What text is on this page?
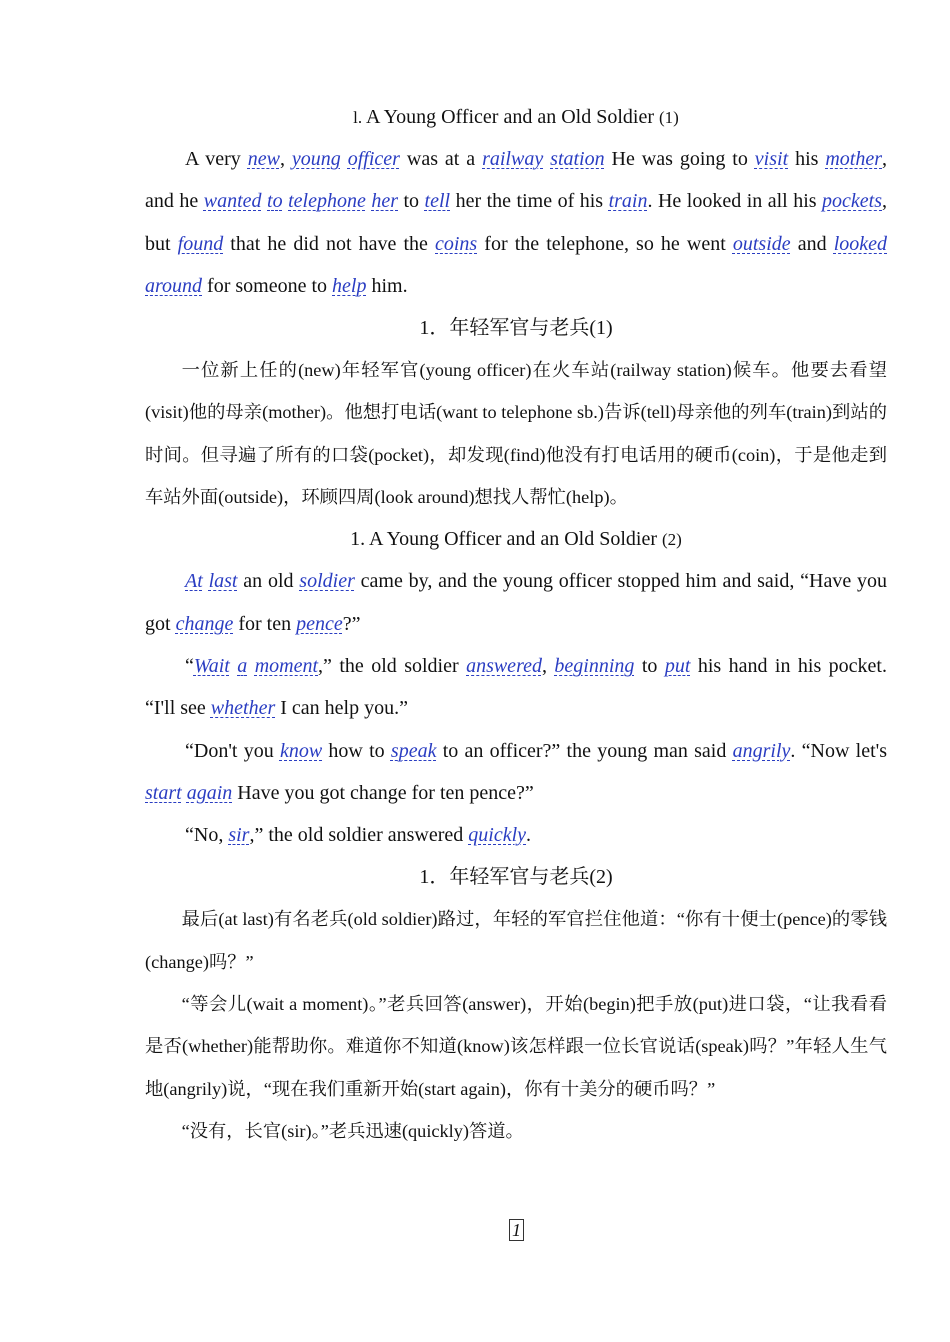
l. A Young Officer and an Old Soldier (1)

A very new, young officer was at a railway station He was going to visit his mother, and he wanted to telephone her to tell her the time of his train. He looked in all his pockets, but found that he did not have the coins for the telephone, so he went outside and looked around for someone to help him.

1．年轻军官与老兵(1)

一位新上任的(new)年轻军官(young officer)在火车站(railway station)候车。他要去看望(visit)他的母亲(mother)。他想打电话(want to telephone sb.)告诉(tell)母亲他的列车(train)到站的时间。但寻遍了所有的口袋(pocket)，却发现(find)他没有打电话用的硬币(coin)，于是他走到车站外面(outside)，环顾四周(look around)想找人帮忙(help)。

1. A Young Officer and an Old Soldier (2)

At last an old soldier came by, and the young officer stopped him and said, “Have you got change for ten pence?”

“Wait a moment,” the old soldier answered, beginning to put his hand in his pocket. “I'll see whether I can help you.”

“Don't you know how to speak to an officer?” the young man said angrily. “Now let's start again Have you got change for ten pence?”

“No, sir,” the old soldier answered quickly.

1．年轻军官与老兵(2)

最后(at last)有名老兵(old soldier)路过，年轻的军官拦住他道：“你有十便士(pence)的零钱(change)吗？”

“等会儿(wait a moment)。”老兵回答(answer)，开始(begin)把手放(put)进口袋，“让我看看是否(whether)能帮助你。难道你不知道(know)该怎样跟一位长官说话(speak)吗？”年轻人生气地(angrily)说，“现在我们重新开始(start again)，你有十美分的硬币吗？”

“没有，长官(sir)。”老兵迅速(quickly)答道。

1
